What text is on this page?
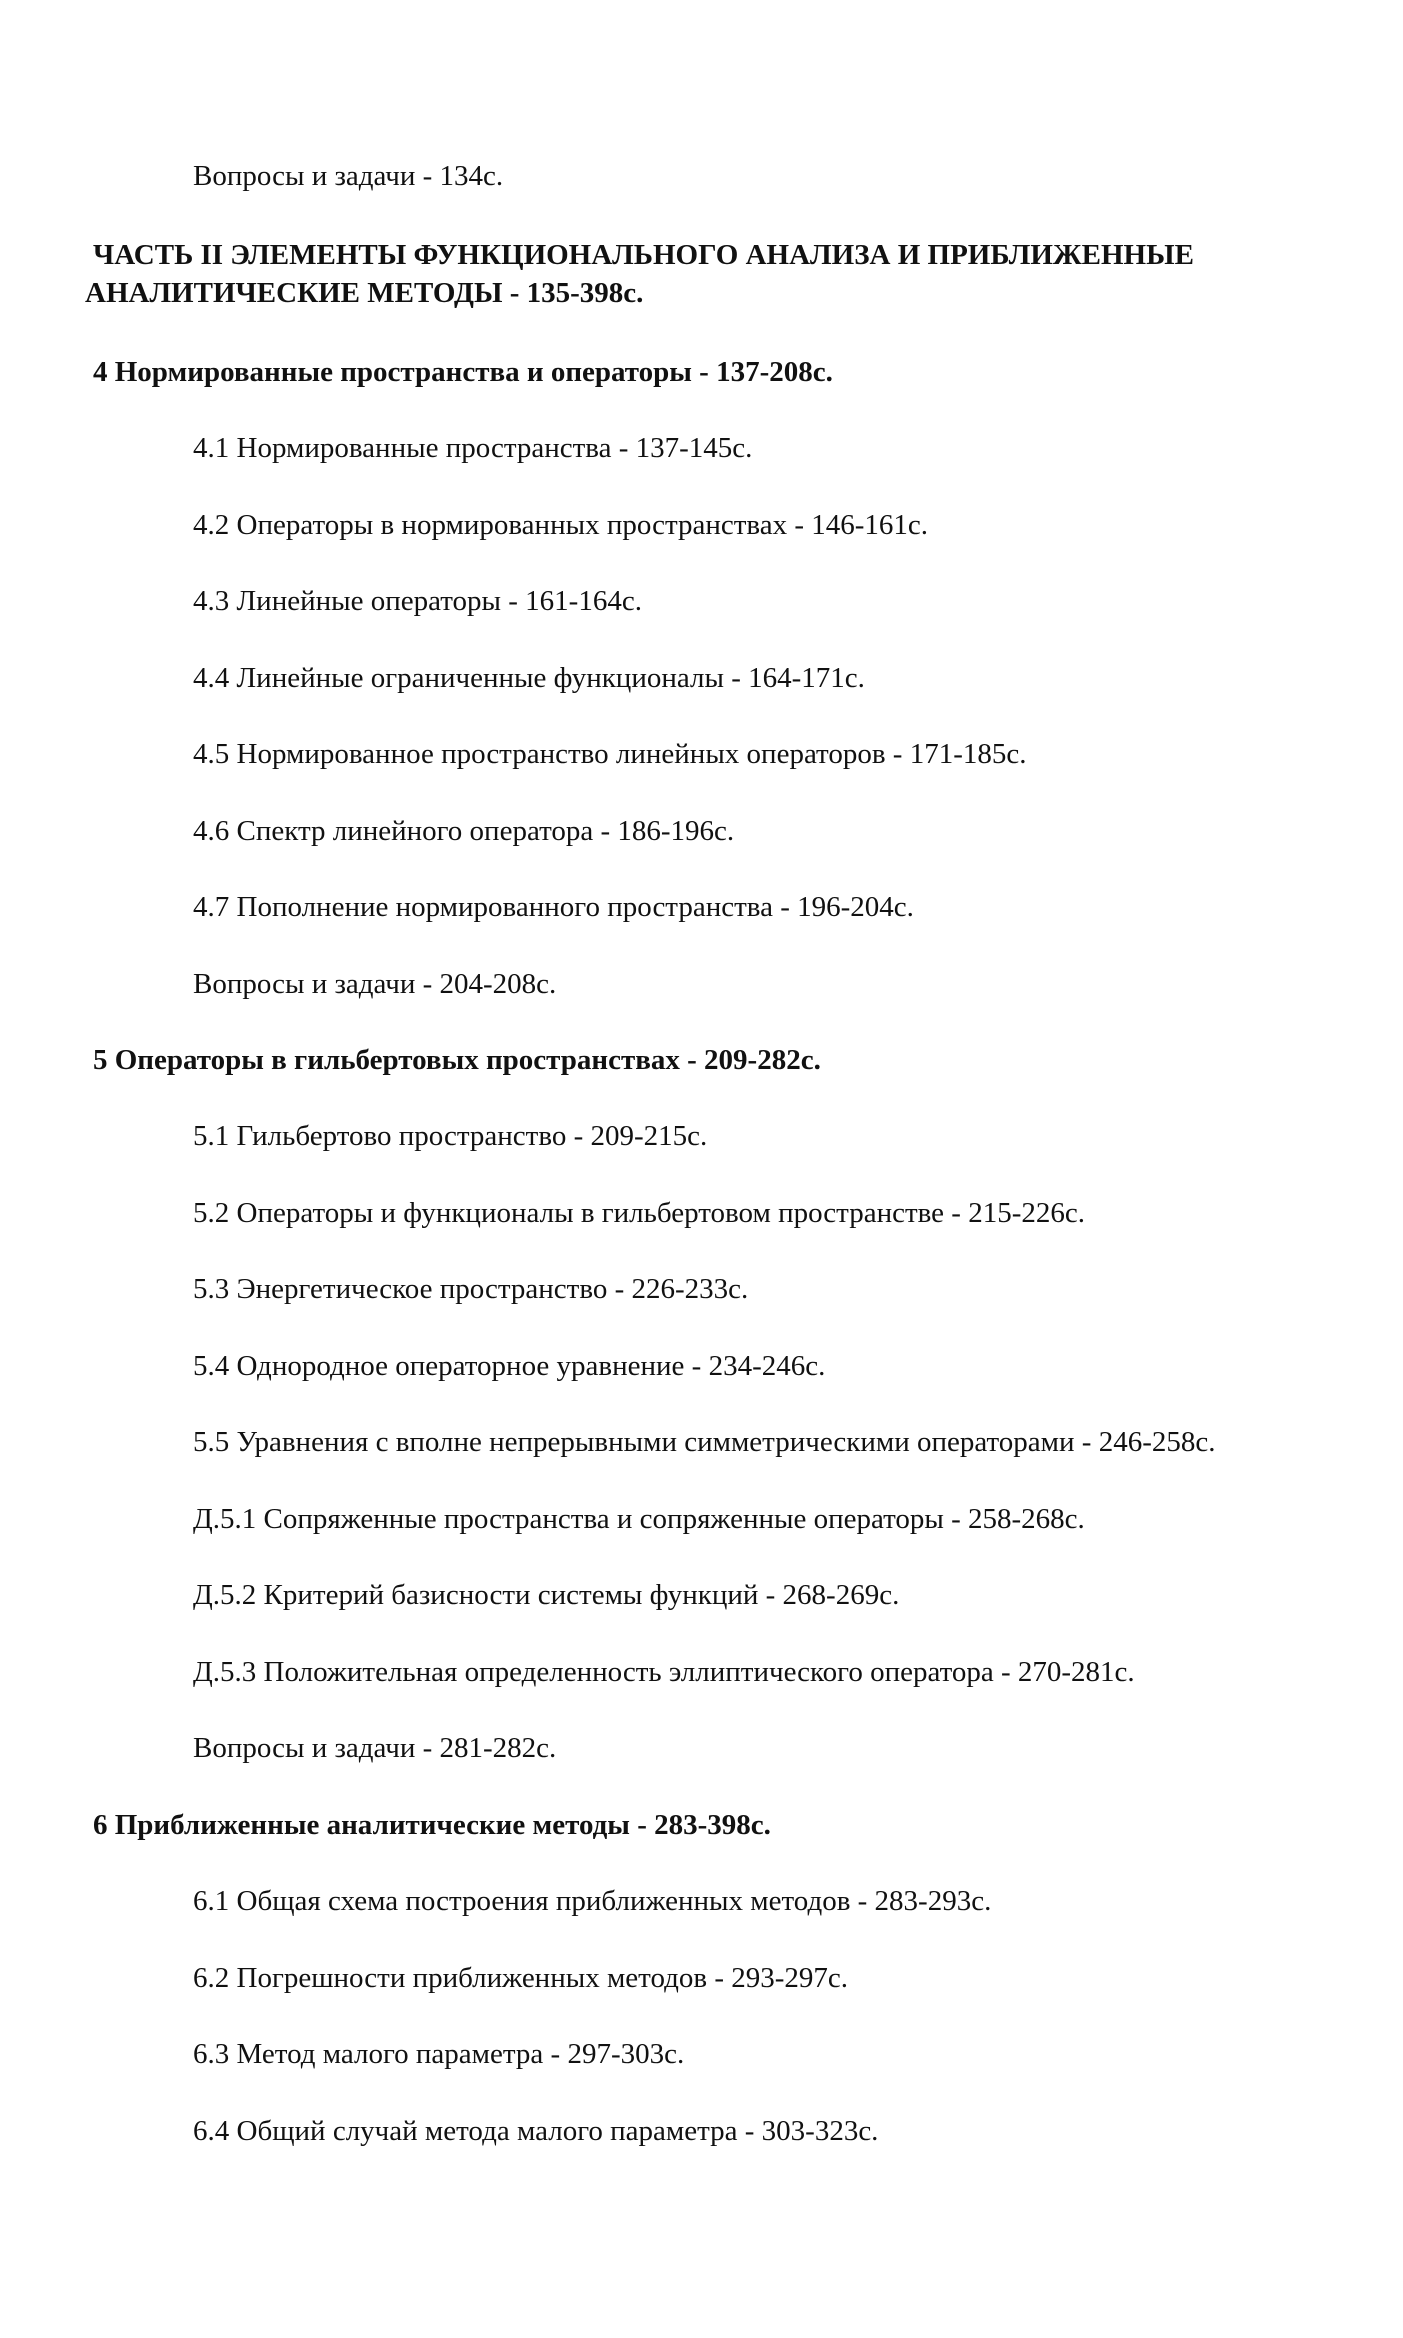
Вопросы и задачи - 134с.
ЧАСТЬ II ЭЛЕМЕНТЫ ФУНКЦИОНАЛЬНОГО АНАЛИЗА И ПРИБЛИЖЕННЫЕ
АНАЛИТИЧЕСКИЕ МЕТОДЫ - 135-398с.
4 Нормированные пространства и операторы - 137-208с.
4.1 Нормированные пространства - 137-145с.
4.2 Операторы в нормированных пространствах - 146-161с.
4.3 Линейные операторы - 161-164с.
4.4 Линейные ограниченные функционалы - 164-171с.
4.5 Нормированное пространство линейных операторов - 171-185с.
4.6 Спектр линейного оператора - 186-196с.
4.7 Пополнение нормированного пространства - 196-204с.
Вопросы и задачи - 204-208с.
5 Операторы в гильбертовых пространствах - 209-282с.
5.1 Гильбертово пространство - 209-215с.
5.2 Операторы и функционалы в гильбертовом пространстве - 215-226с.
5.3 Энергетическое пространство - 226-233с.
5.4 Однородное операторное уравнение - 234-246с.
5.5 Уравнения с вполне непрерывными симметрическими операторами - 246-258с.
Д.5.1 Сопряженные пространства и сопряженные операторы - 258-268с.
Д.5.2 Критерий базисности системы функций - 268-269с.
Д.5.3 Положительная определенность эллиптического оператора - 270-281с.
Вопросы и задачи - 281-282с.
6 Приближенные аналитические методы - 283-398с.
6.1 Общая схема построения приближенных методов - 283-293с.
6.2 Погрешности приближенных методов - 293-297с.
6.3 Метод малого параметра - 297-303с.
6.4 Общий случай метода малого параметра - 303-323с.
